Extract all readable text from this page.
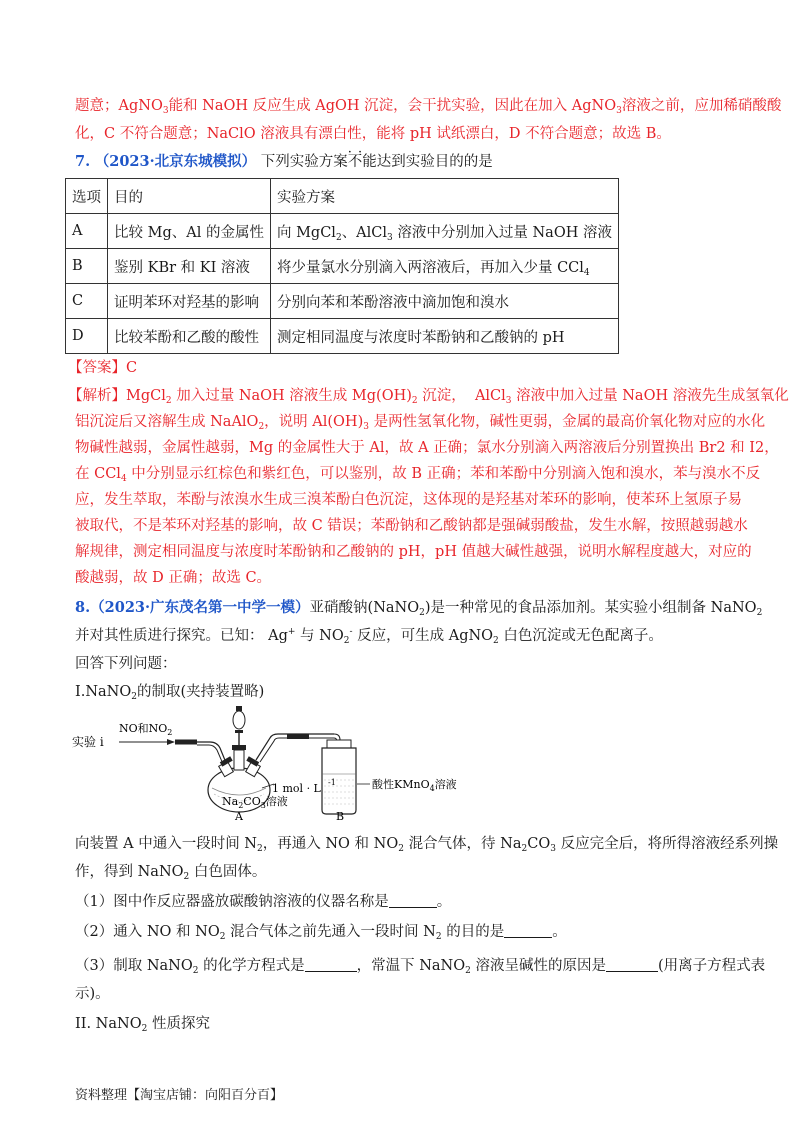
题意；AgNO$_3$能和 NaOH 反应生成 AgOH 沉淀，会干扰实验，因此在加入 AgNO$_3$溶液之前，应加稀硝酸酸
化，C 不符合题意；NaClO 溶液具有漂白性，能将 pH 试纸漂白，D 不符合题意；故选 B。
7. （2023·北京东城模拟） 下列实验方案· · 不能达到实验目的的是
选项	目的	实验方案
A	比较 Mg、Al 的金属性	向 MgCl$_2$、AlCl$_3$ 溶液中分别加入过量 NaOH 溶液
B	鉴别 KBr 和 KI 溶液	将少量氯水分别滴入两溶液后，再加入少量 CCl$_4$
C	证明苯环对羟基的影响	分别向苯和苯酚溶液中滴加饱和溴水
D	比较苯酚和乙酸的酸性	测定相同温度与浓度时苯酚钠和乙酸钠的 pH
【答案】C
【解析】MgCl$_2$ 加入过量 NaOH 溶液生成 $Mg(OH)_2$ 沉淀，  AlCl$_3$ 溶液中加入过量 NaOH 溶液先生成氢氧化
铝沉淀后又溶解生成 NaAlO$_2$，说明 $Al(OH)_3$ 是两性氢氧化物，碱性更弱，金属的最高价氧化物对应的水化
物碱性越弱，金属性越弱，Mg 的金属性大于 Al，故 A 正确；氯水分别滴入两溶液后分别置换出 Br2 和 I2，
在 CCl$_4$ 中分别显示红棕色和紫红色，可以鉴别，故 B 正确；苯和苯酚中分别滴入饱和溴水，苯与溴水不反
应，发生萃取，苯酚与浓溴水生成三溴苯酚白色沉淀，这体现的是羟基对苯环的影响，使苯环上氢原子易
被取代，不是苯环对羟基的影响，故 C 错误；苯酚钠和乙酸钠都是强碱弱酸盐，发生水解，按照越弱越水
解规律，测定相同温度与浓度时苯酚钠和乙酸钠的 pH，pH 值越大碱性越强，说明水解程度越大，对应的
酸越弱，故 D 正确；故选 C。
8.（2023·广东茂名第一中学一模）亚硝酸钠(NaNO$_2$)是一种常见的食品添加剂。某实验小组制备 NaNO$_2$
并对其性质进行探究。已知： Ag+ 与 $NO_2^-$ 反应，可生成 AgNO$_2$ 白色沉淀或无色配离子。
回答下列问题：
I.NaNO$_2$的制取(夹持装置略)
实验 i
NO和$NO_2$
酸性KMnO$_4$溶液
1 mol · L -1
$Na_2CO_3$溶液
A	B
向装置 A 中通入一段时间 $N_2$，再通入 NO 和 $NO_2$ 混合气体，待 $Na_2CO_3$ 反应完全后，将所得溶液经系列操
作，得到 NaNO$_2$ 白色固体。
（1）图中作反应器盛放碳酸钠溶液的仪器名称是	。
（2）通入 NO 和 $NO_2$ 混合气体之前先通入一段时间 $N_2$ 的目的是	。
（3）制取 NaNO$_2$ 的化学方程式是	，常温下 NaNO$_2$ 溶液呈碱性的原因是	(用离子方程式表
示)。
II. NaNO$_2$ 性质探究
资料整理【淘宝店铺：向阳百分百】
